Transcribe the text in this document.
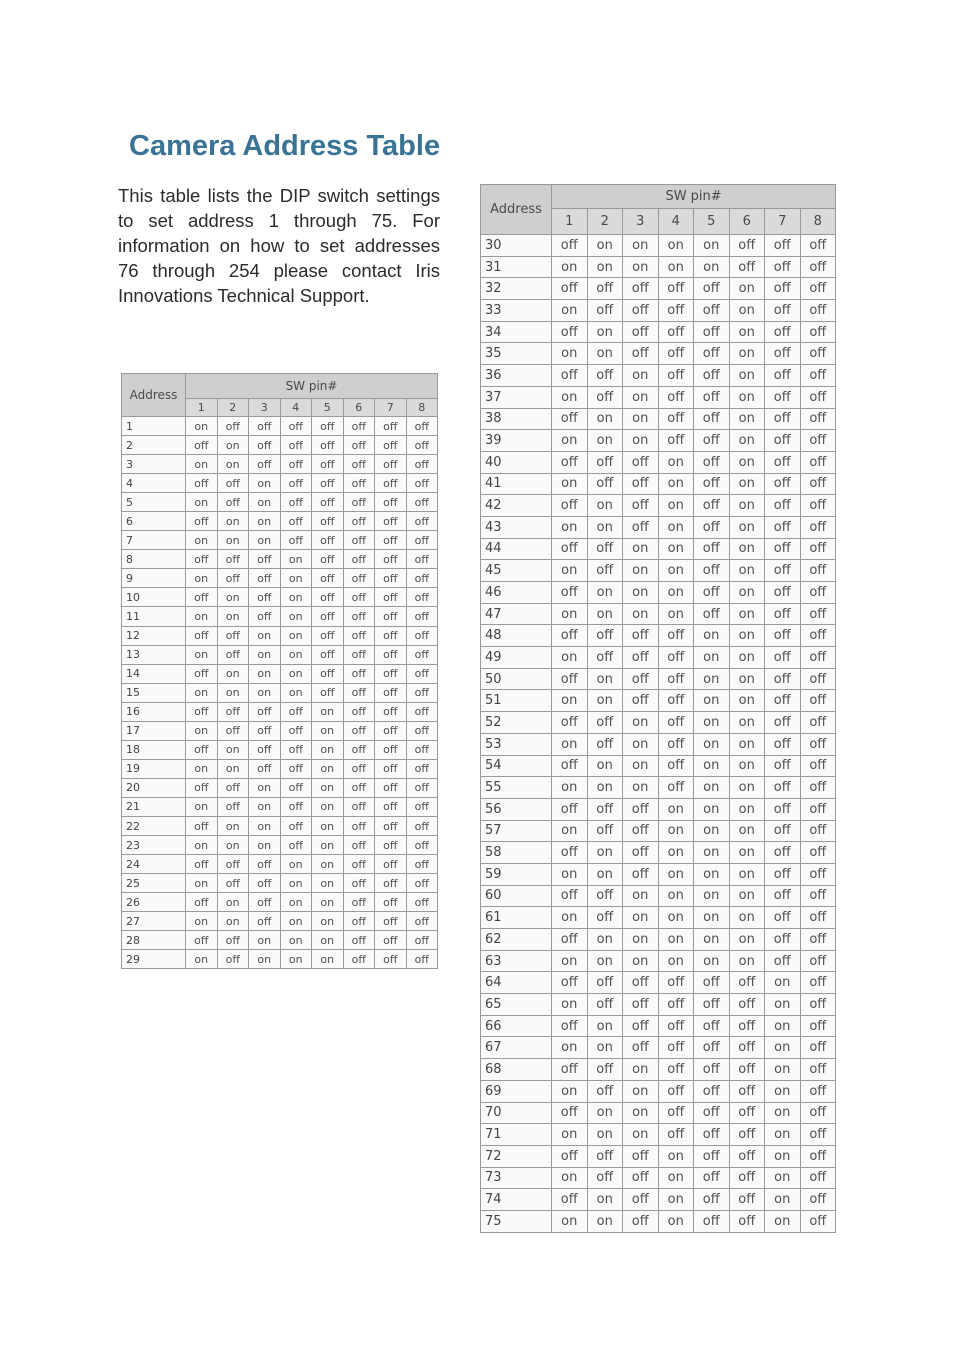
Camera Address Table

This table lists the DIP switch settings to set address 1 through 75. For information on how to set addresses 76 through 254 please contact Iris Innovations Technical Support.

Address	SW pin#							
	1	2	3	4	5	6	7	8
1	on	off	off	off	off	off	off	off
2	off	on	off	off	off	off	off	off
3	on	on	off	off	off	off	off	off
4	off	off	on	off	off	off	off	off
5	on	off	on	off	off	off	off	off
6	off	on	on	off	off	off	off	off
7	on	on	on	off	off	off	off	off
8	off	off	off	on	off	off	off	off
9	on	off	off	on	off	off	off	off
10	off	on	off	on	off	off	off	off
11	on	on	off	on	off	off	off	off
12	off	off	on	on	off	off	off	off
13	on	off	on	on	off	off	off	off
14	off	on	on	on	off	off	off	off
15	on	on	on	on	off	off	off	off
16	off	off	off	off	on	off	off	off
17	on	off	off	off	on	off	off	off
18	off	on	off	off	on	off	off	off
19	on	on	off	off	on	off	off	off
20	off	off	on	off	on	off	off	off
21	on	off	on	off	on	off	off	off
22	off	on	on	off	on	off	off	off
23	on	on	on	off	on	off	off	off
24	off	off	off	on	on	off	off	off
25	on	off	off	on	on	off	off	off
26	off	on	off	on	on	off	off	off
27	on	on	off	on	on	off	off	off
28	off	off	on	on	on	off	off	off
29	on	off	on	on	on	off	off	off
Address	SW pin#							
	1	2	3	4	5	6	7	8
30	off	on	on	on	on	off	off	off
31	on	on	on	on	on	off	off	off
32	off	off	off	off	off	on	off	off
33	on	off	off	off	off	on	off	off
34	off	on	off	off	off	on	off	off
35	on	on	off	off	off	on	off	off
36	off	off	on	off	off	on	off	off
37	on	off	on	off	off	on	off	off
38	off	on	on	off	off	on	off	off
39	on	on	on	off	off	on	off	off
40	off	off	off	on	off	on	off	off
41	on	off	off	on	off	on	off	off
42	off	on	off	on	off	on	off	off
43	on	on	off	on	off	on	off	off
44	off	off	on	on	off	on	off	off
45	on	off	on	on	off	on	off	off
46	off	on	on	on	off	on	off	off
47	on	on	on	on	off	on	off	off
48	off	off	off	off	on	on	off	off
49	on	off	off	off	on	on	off	off
50	off	on	off	off	on	on	off	off
51	on	on	off	off	on	on	off	off
52	off	off	on	off	on	on	off	off
53	on	off	on	off	on	on	off	off
54	off	on	on	off	on	on	off	off
55	on	on	on	off	on	on	off	off
56	off	off	off	on	on	on	off	off
57	on	off	off	on	on	on	off	off
58	off	on	off	on	on	on	off	off
59	on	on	off	on	on	on	off	off
60	off	off	on	on	on	on	off	off
61	on	off	on	on	on	on	off	off
62	off	on	on	on	on	on	off	off
63	on	on	on	on	on	on	off	off
64	off	off	off	off	off	off	on	off
65	on	off	off	off	off	off	on	off
66	off	on	off	off	off	off	on	off
67	on	on	off	off	off	off	on	off
68	off	off	on	off	off	off	on	off
69	on	off	on	off	off	off	on	off
70	off	on	on	off	off	off	on	off
71	on	on	on	off	off	off	on	off
72	off	off	off	on	off	off	on	off
73	on	off	off	on	off	off	on	off
74	off	on	off	on	off	off	on	off
75	on	on	off	on	off	off	on	off
